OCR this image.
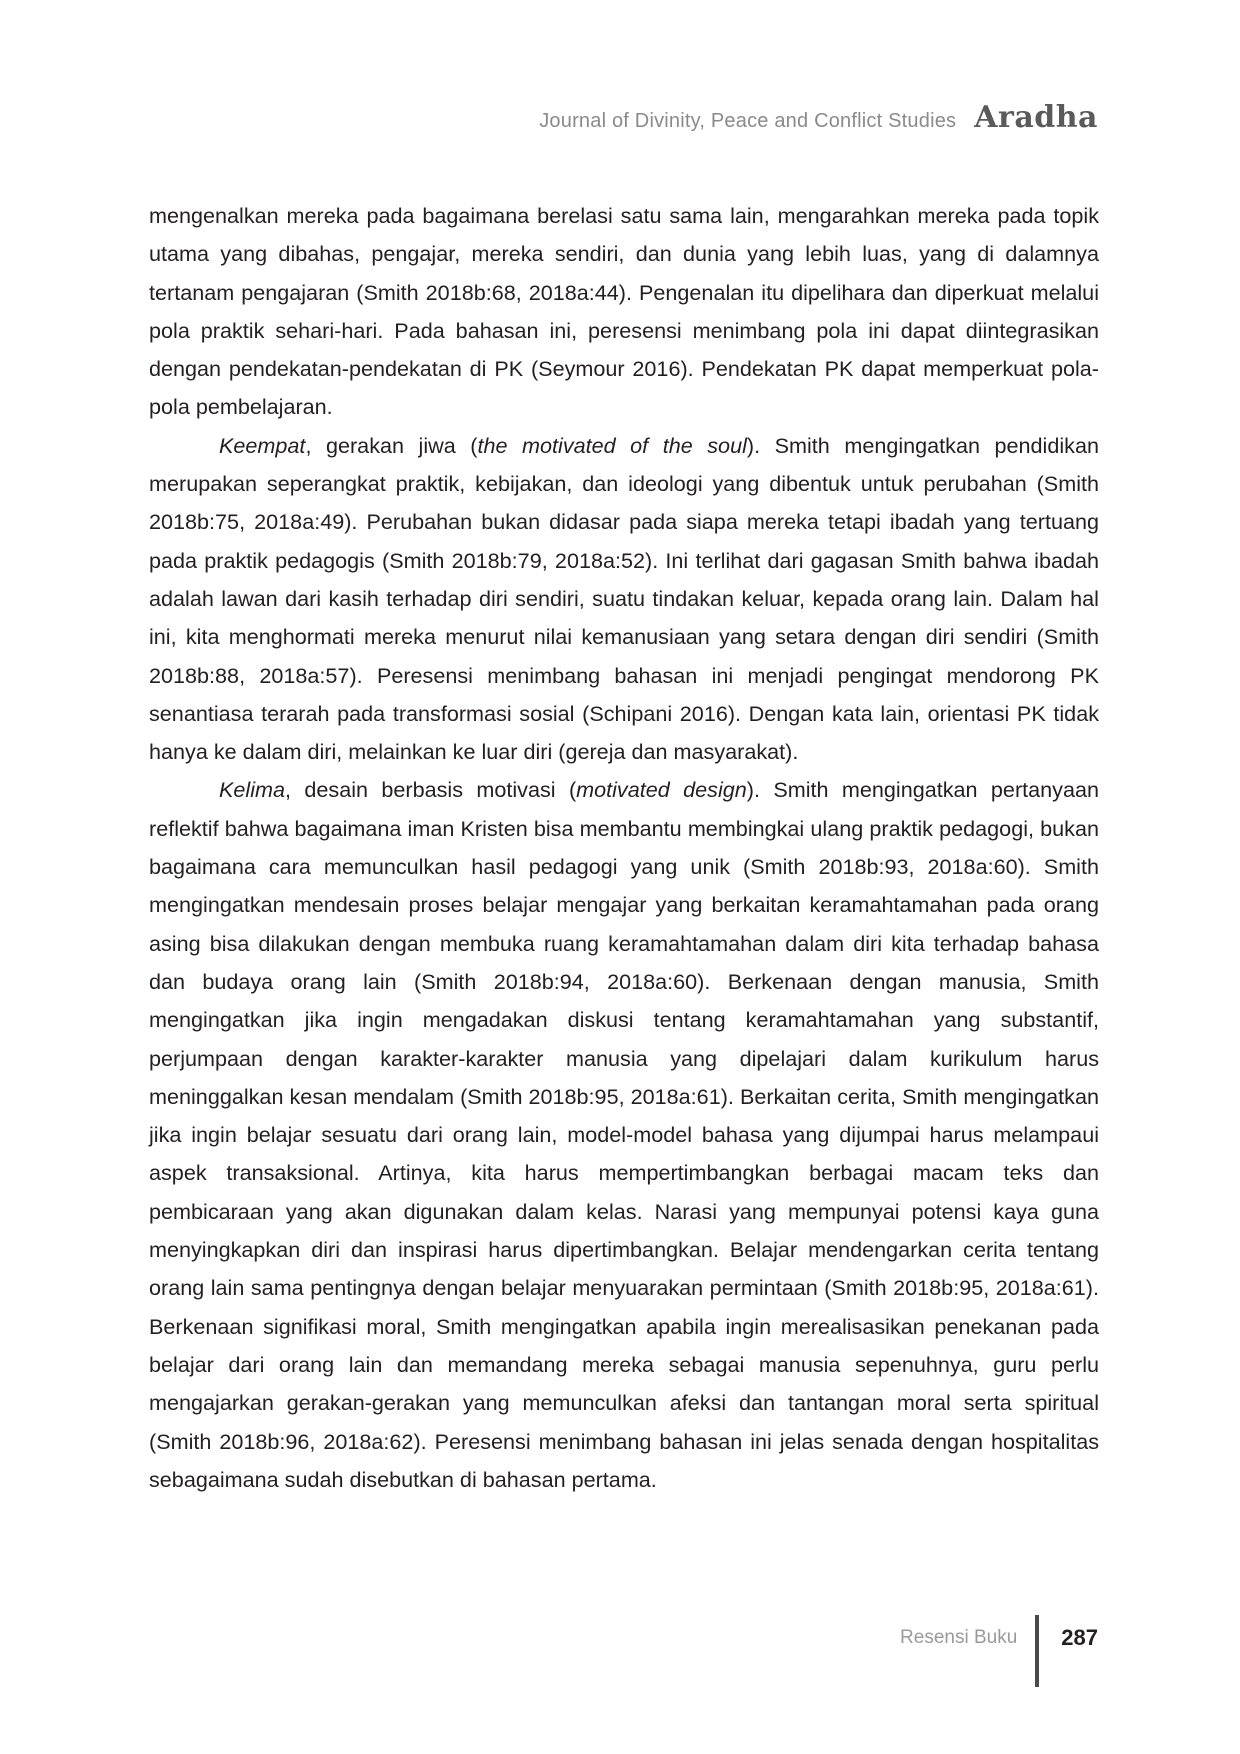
Journal of Divinity, Peace and Conflict Studies Aradha

mengenalkan mereka pada bagaimana berelasi satu sama lain, mengarahkan mereka pada topik utama yang dibahas, pengajar, mereka sendiri, dan dunia yang lebih luas, yang di dalamnya tertanam pengajaran (Smith 2018b:68, 2018a:44). Pengenalan itu dipelihara dan diperkuat melalui pola praktik sehari-hari. Pada bahasan ini, peresensi menimbang pola ini dapat diintegrasikan dengan pendekatan-pendekatan di PK (Seymour 2016). Pendekatan PK dapat memperkuat pola-pola pembelajaran.

Keempat, gerakan jiwa (the motivated of the soul). Smith mengingatkan pendidikan merupakan seperangkat praktik, kebijakan, dan ideologi yang dibentuk untuk perubahan (Smith 2018b:75, 2018a:49). Perubahan bukan didasar pada siapa mereka tetapi ibadah yang tertuang pada praktik pedagogis (Smith 2018b:79, 2018a:52). Ini terlihat dari gagasan Smith bahwa ibadah adalah lawan dari kasih terhadap diri sendiri, suatu tindakan keluar, kepada orang lain. Dalam hal ini, kita menghormati mereka menurut nilai kemanusiaan yang setara dengan diri sendiri (Smith 2018b:88, 2018a:57). Peresensi menimbang bahasan ini menjadi pengingat mendorong PK senantiasa terarah pada transformasi sosial (Schipani 2016). Dengan kata lain, orientasi PK tidak hanya ke dalam diri, melainkan ke luar diri (gereja dan masyarakat).

Kelima, desain berbasis motivasi (motivated design). Smith mengingatkan pertanyaan reflektif bahwa bagaimana iman Kristen bisa membantu membingkai ulang praktik pedagogi, bukan bagaimana cara memunculkan hasil pedagogi yang unik (Smith 2018b:93, 2018a:60). Smith mengingatkan mendesain proses belajar mengajar yang berkaitan keramahtamahan pada orang asing bisa dilakukan dengan membuka ruang keramahtamahan dalam diri kita terhadap bahasa dan budaya orang lain (Smith 2018b:94, 2018a:60). Berkenaan dengan manusia, Smith mengingatkan jika ingin mengadakan diskusi tentang keramahtamahan yang substantif, perjumpaan dengan karakter-karakter manusia yang dipelajari dalam kurikulum harus meninggalkan kesan mendalam (Smith 2018b:95, 2018a:61). Berkaitan cerita, Smith mengingatkan jika ingin belajar sesuatu dari orang lain, model-model bahasa yang dijumpai harus melampaui aspek transaksional. Artinya, kita harus mempertimbangkan berbagai macam teks dan pembicaraan yang akan digunakan dalam kelas. Narasi yang mempunyai potensi kaya guna menyingkapkan diri dan inspirasi harus dipertimbangkan. Belajar mendengarkan cerita tentang orang lain sama pentingnya dengan belajar menyuarakan permintaan (Smith 2018b:95, 2018a:61). Berkenaan signifikasi moral, Smith mengingatkan apabila ingin merealisasikan penekanan pada belajar dari orang lain dan memandang mereka sebagai manusia sepenuhnya, guru perlu mengajarkan gerakan-gerakan yang memunculkan afeksi dan tantangan moral serta spiritual (Smith 2018b:96, 2018a:62). Peresensi menimbang bahasan ini jelas senada dengan hospitalitas sebagaimana sudah disebutkan di bahasan pertama.

Resensi Buku 287
